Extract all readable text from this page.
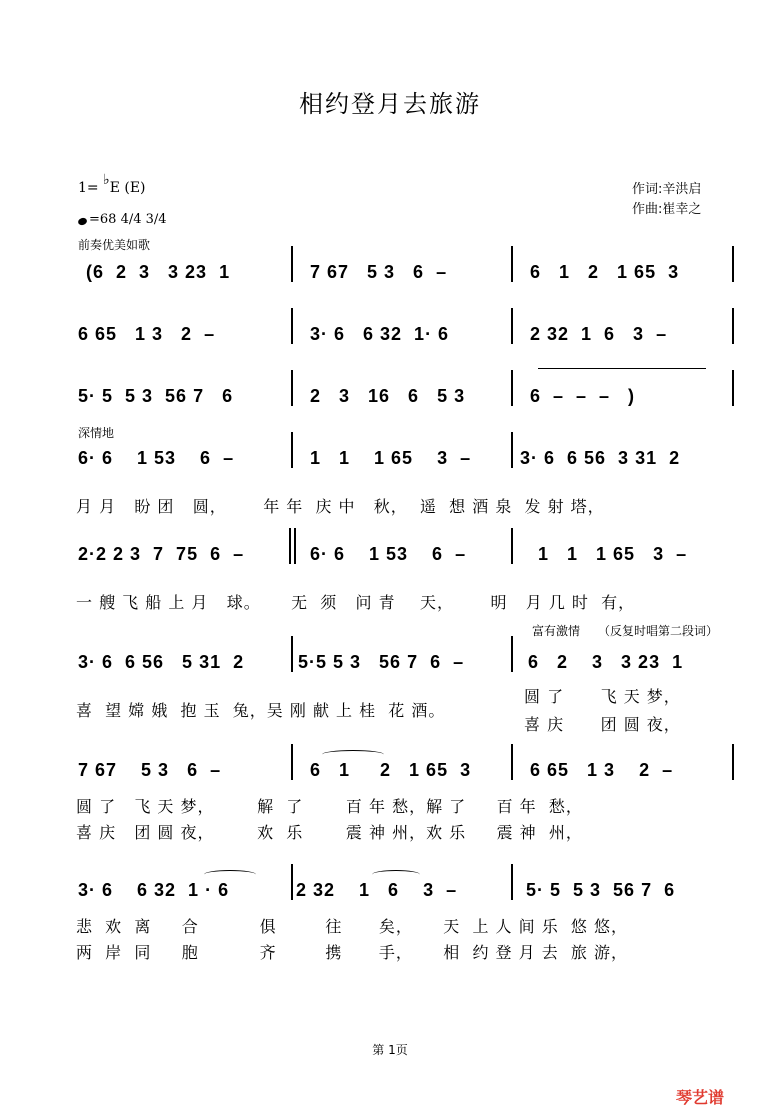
相约登月去旅游
1= ♭E (E)
=68 4/4 3/4
作词:辛洪启
作曲:崔幸之
前奏优美如歌
深情地
富有激情 （反复时唱第二段词）
(6  2  3   3 23  1	7 67   5 3   6  –	6   1   2   1 65  3
6 65   1 3   2  –	3· 6   6 32  1· 6	2 32  1  6   3  –
5· 5  5 3  56 7   6	2   3   16   6   5 3	6  –  –  –   )
6· 6    1 53    6  –	1   1    1 65    3  –	3· 6  6 56  3 31  2
月 月   盼 团   圆，      年 年  庆 中   秋，  遥  想 酒 泉  发 射 塔，
2·2 2 3  7  75  6  –	6· 6    1 53    6  –	1   1   1 65   3  –
一 艘 飞 船 上 月   球。     无  须   问 青    天，      明   月 几 时  有，
3· 6  6 56   5 31  2	5·5 5 3   56 7  6  –	6   2    3   3 23  1
喜  望 嫦 娥  抱 玉  兔，吴 刚 献 上 桂  花 酒。
圆 了      飞 天 梦，
喜 庆      团 圆 夜，
7 67    5 3   6  –	6   1     2   1 65  3	6 65   1 3    2  –
圆 了   飞 天 梦，       解  了       百 年 愁，解 了     百 年  愁，
喜 庆   团 圆 夜，       欢  乐       震 神 州，欢 乐     震 神  州，
3· 6    6 32  1 · 6	2 32    1   6    3  –	5· 5  5 3  56 7  6
悲  欢  离     合          俱        往      矣，     天  上 人 间 乐  悠 悠，
两  岸  同     胞          齐        携      手，     相  约 登 月 去  旅 游，
第 1页
琴艺谱
